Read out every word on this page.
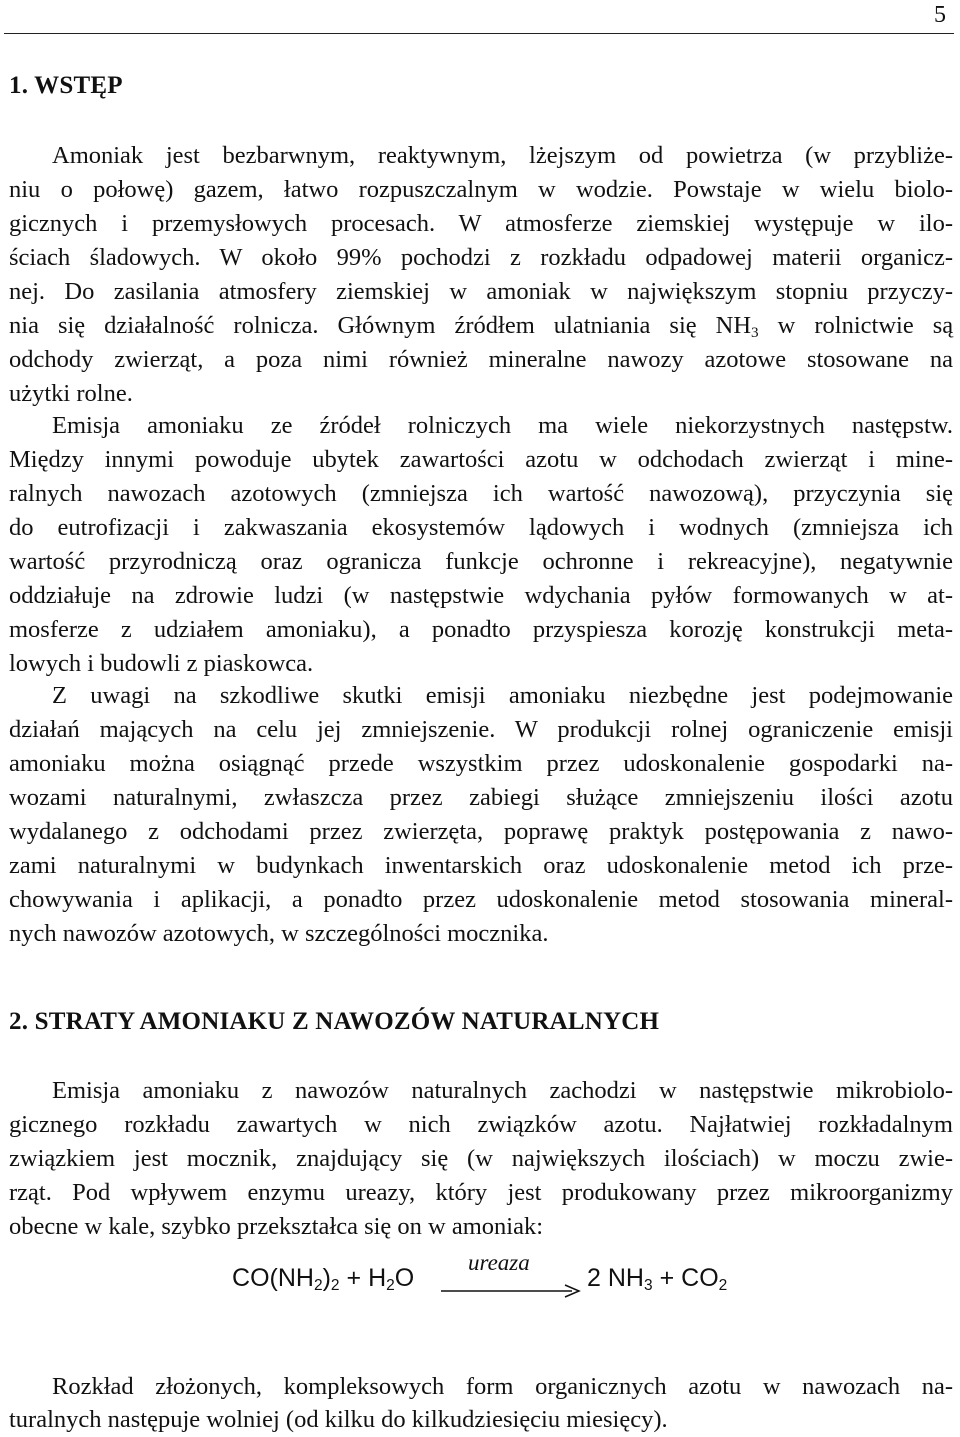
5
1. WSTĘP
Amoniak jest bezbarwnym, reaktywnym, lżejszym od powietrza (w przybliże-
niu o połowę) gazem, łatwo rozpuszczalnym w wodzie. Powstaje w wielu biolo-
gicznych i przemysłowych procesach. W atmosferze ziemskiej występuje w ilo-
ściach śladowych. W około 99% pochodzi z rozkładu odpadowej materii organicz-
nej. Do zasilania atmosfery ziemskiej w amoniak w największym stopniu przyczy-
nia się działalność rolnicza. Głównym źródłem ulatniania się $NH_3$ w rolnictwie są
odchody zwierząt, a poza nimi również mineralne nawozy azotowe stosowane na
użytki rolne.
Emisja amoniaku ze źródeł rolniczych ma wiele niekorzystnych następstw.
Między innymi powoduje ubytek zawartości azotu w odchodach zwierząt i mine-
ralnych nawozach azotowych (zmniejsza ich wartość nawozową), przyczynia się
do eutrofizacji i zakwaszania ekosystemów lądowych i wodnych (zmniejsza ich
wartość przyrodniczą oraz ogranicza funkcje ochronne i rekreacyjne), negatywnie
oddziałuje na zdrowie ludzi (w następstwie wdychania pyłów formowanych w at-
mosferze z udziałem amoniaku), a ponadto przyspiesza korozję konstrukcji meta-
lowych i budowli z piaskowca.
Z uwagi na szkodliwe skutki emisji amoniaku niezbędne jest podejmowanie
działań mających na celu jej zmniejszenie. W produkcji rolnej ograniczenie emisji
amoniaku można osiągnąć przede wszystkim przez udoskonalenie gospodarki na-
wozami naturalnymi, zwłaszcza przez zabiegi służące zmniejszeniu ilości azotu
wydalanego z odchodami przez zwierzęta, poprawę praktyk postępowania z nawo-
zami naturalnymi w budynkach inwentarskich oraz udoskonalenie metod ich prze-
chowywania i aplikacji, a ponadto przez udoskonalenie metod stosowania mineral-
nych nawozów azotowych, w szczególności mocznika.
2. STRATY AMONIAKU Z NAWOZÓW NATURALNYCH
Emisja amoniaku z nawozów naturalnych zachodzi w następstwie mikrobiolo-
gicznego rozkładu zawartych w nich związków azotu. Najłatwiej rozkładalnym
związkiem jest mocznik, znajdujący się (w największych ilościach) w moczu zwie-
rząt. Pod wpływem enzymu ureazy, który jest produkowany przez mikroorganizmy
obecne w kale, szybko przekształca się on w amoniak:
$CO(NH_2)_2 + H_2O$
ureaza
2 $NH_3 + CO_2$
Rozkład złożonych, kompleksowych form organicznych azotu w nawozach na-
turalnych następuje wolniej (od kilku do kilkudziesięciu miesięcy).
